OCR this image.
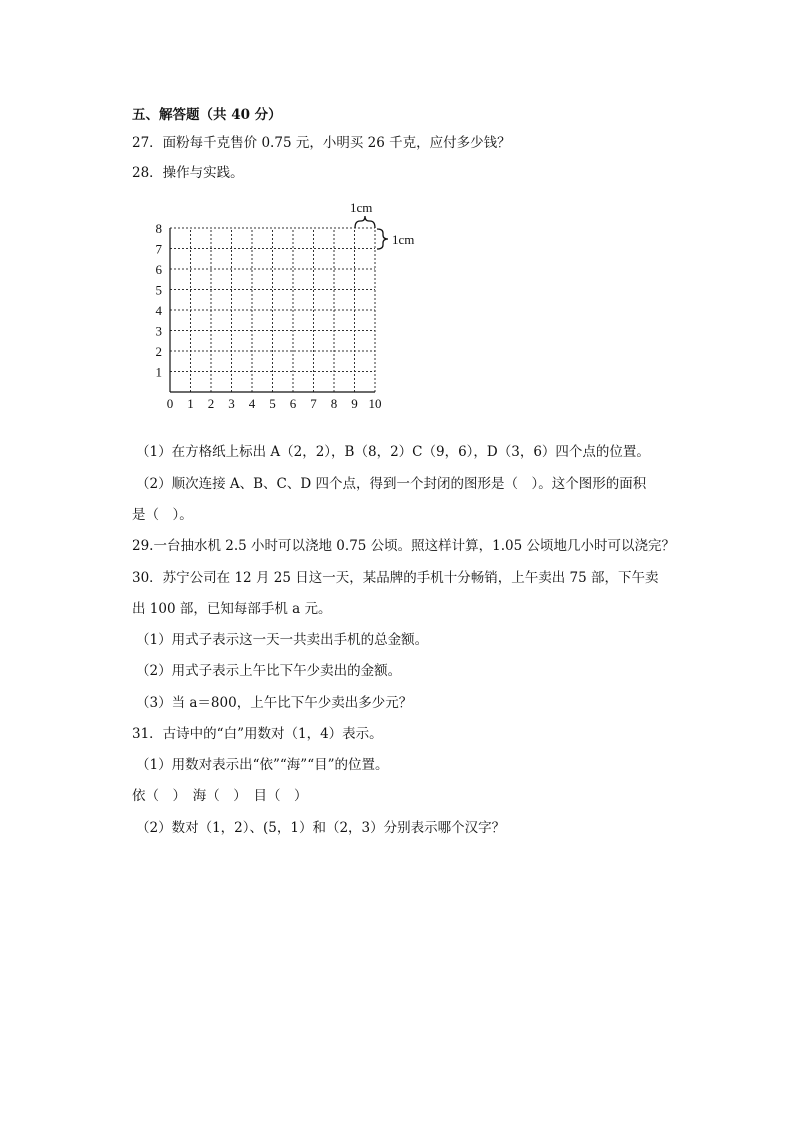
五、解答题（共 40 分）
27．面粉每千克售价 0.75 元，小明买 26 千克，应付多少钱？
28．操作与实践。
0 1 2 3 4 5 6 7 8 9 10
1
2
3
4
5
6
7
8
1cm
1cm
（1）在方格纸上标出 A（2，2），B（8，2）C（9，6），D（3，6）四个点的位置。
（2）顺次连接 A、B、C、D 四个点，得到一个封闭的图形是（　）。这个图形的面积
是（　）。
29.一台抽水机 2.5 小时可以浇地 0.75 公顷。照这样计算，1.05 公顷地几小时可以浇完？
30．苏宁公司在 12 月 25 日这一天，某品牌的手机十分畅销，上午卖出 75 部，下午卖
出 100 部，已知每部手机 a 元。
（1）用式子表示这一天一共卖出手机的总金额。
（2）用式子表示上午比下午少卖出的金额。
（3）当 a＝800，上午比下午少卖出多少元？
31．古诗中的“白”用数对（1，4）表示。
（1）用数对表示出“依”“海”“目”的位置。
依（　）　海（　）　目（　）
（2）数对（1，2）、(5，1）和（2，3）分别表示哪个汉字？
